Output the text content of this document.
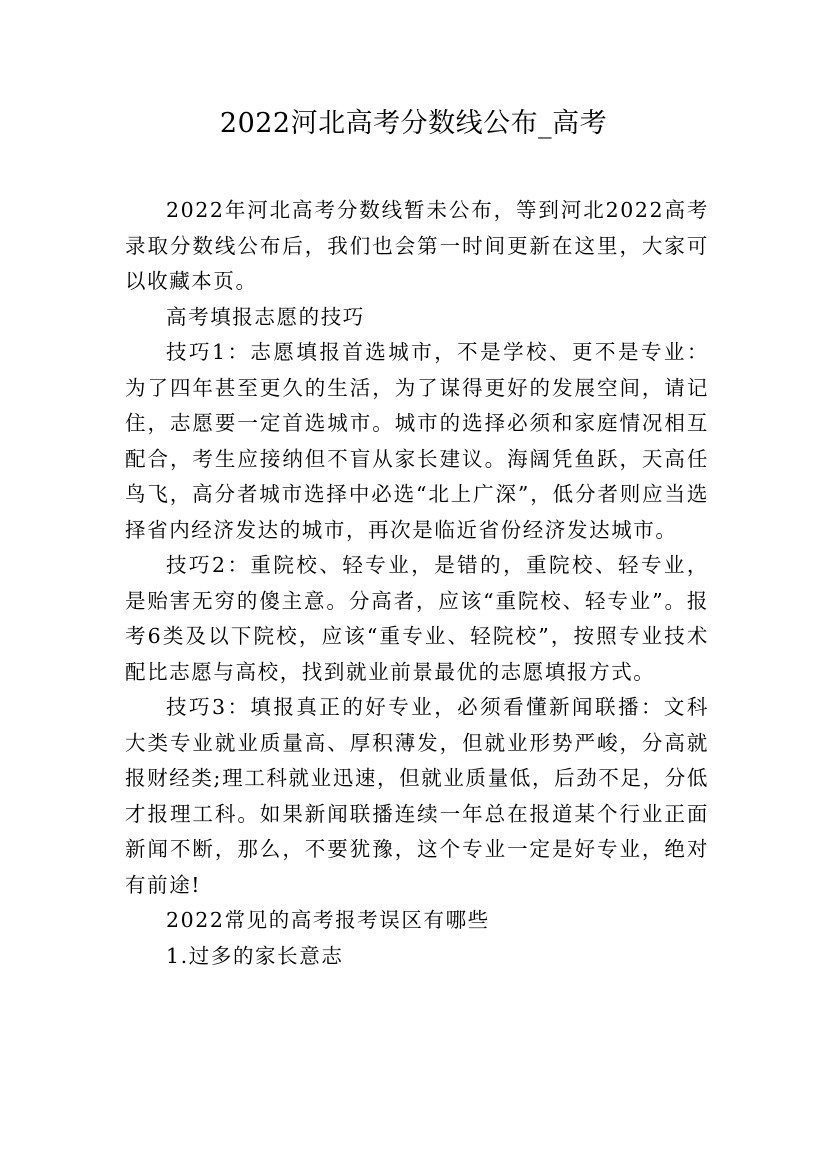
2022河北高考分数线公布_高考

2022年河北高考分数线暂未公布，等到河北2022高考录取分数线公布后，我们也会第一时间更新在这里，大家可以收藏本页。

高考填报志愿的技巧

技巧1：志愿填报首选城市，不是学校、更不是专业：为了四年甚至更久的生活，为了谋得更好的发展空间，请记住，志愿要一定首选城市。城市的选择必须和家庭情况相互配合，考生应接纳但不盲从家长建议。海阔凭鱼跃，天高任鸟飞，高分者城市选择中必选“北上广深”，低分者则应当选择省内经济发达的城市，再次是临近省份经济发达城市。

技巧2：重院校、轻专业，是错的，重院校、轻专业，是贻害无穷的傻主意。分高者，应该“重院校、轻专业”。报考6类及以下院校，应该“重专业、轻院校”，按照专业技术配比志愿与高校，找到就业前景最优的志愿填报方式。

技巧3：填报真正的好专业，必须看懂新闻联播：文科大类专业就业质量高、厚积薄发，但就业形势严峻，分高就报财经类;理工科就业迅速，但就业质量低，后劲不足，分低才报理工科。如果新闻联播连续一年总在报道某个行业正面新闻不断，那么，不要犹豫，这个专业一定是好专业，绝对有前途!

2022常见的高考报考误区有哪些

1.过多的家长意志
